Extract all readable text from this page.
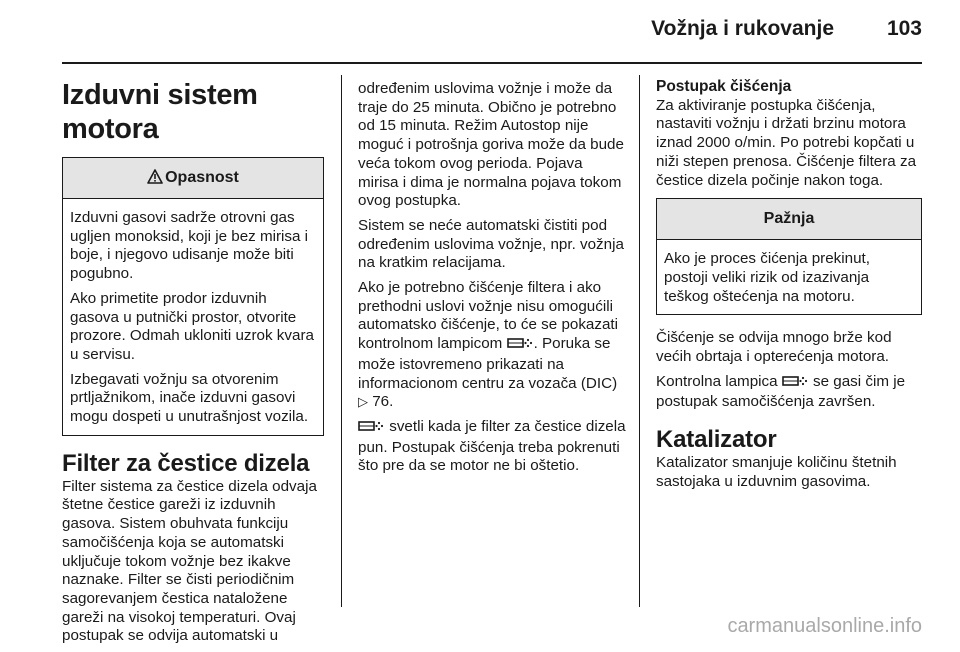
Vožnja i rukovanje	103
Izduvni sistem motora
Opasnost

Izduvni gasovi sadrže otrovni gas ugljen monoksid, koji je bez mirisa i boje, i njegovo udisanje može biti pogubno.

Ako primetite prodor izduvnih gasova u putnički prostor, otvorite prozore. Odmah ukloniti uzrok kvara u servisu.

Izbegavati vožnju sa otvorenim prtljažnikom, inače izduvni gasovi mogu dospeti u unutrašnjost vozila.

Filter za čestice dizela

Filter sistema za čestice dizela odvaja štetne čestice gareži iz izduvnih gasova. Sistem obuhvata funkciju samočišćenja koja se automatski uključuje tokom vožnje bez ikakve naznake. Filter se čisti periodičnim sagorevanjem čestica nataložene gareži na visokoj temperaturi. Ovaj postupak se odvija automatski u

određenim uslovima vožnje i može da traje do 25 minuta. Obično je potrebno od 15 minuta. Režim Autostop nije moguć i potrošnja goriva može da bude veća tokom ovog perioda. Pojava mirisa i dima je normalna pojava tokom ovog postupka.

Sistem se neće automatski čistiti pod određenim uslovima vožnje, npr. vožnja na kratkim relacijama.

Ako je potrebno čišćenje filtera i ako prethodni uslovi vožnje nisu omogućili automatsko čišćenje, to će se pokazati kontrolnom lampicom . Poruka se može istovremeno prikazati na informacionom centru za vozača (DIC) ▷ 76.

svetli kada je filter za čestice dizela pun. Postupak čišćenja treba pokrenuti što pre da se motor ne bi oštetio.

Postupak čišćenja

Za aktiviranje postupka čišćenja, nastaviti vožnju i držati brzinu motora iznad 2000 o/min. Po potrebi kopčati u niži stepen prenosa. Čišćenje filtera za čestice dizela počinje nakon toga.

Pažnja

Ako je proces čićenja prekinut, postoji veliki rizik od izazivanja teškog oštećenja na motoru.

Čišćenje se odvija mnogo brže kod većih obrtaja i opterećenja motora.

Kontrolna lampica  se gasi čim je postupak samočišćenja završen.

Katalizator

Katalizator smanjuje količinu štetnih sastojaka u izduvnim gasovima.

carmanualsonline.info
